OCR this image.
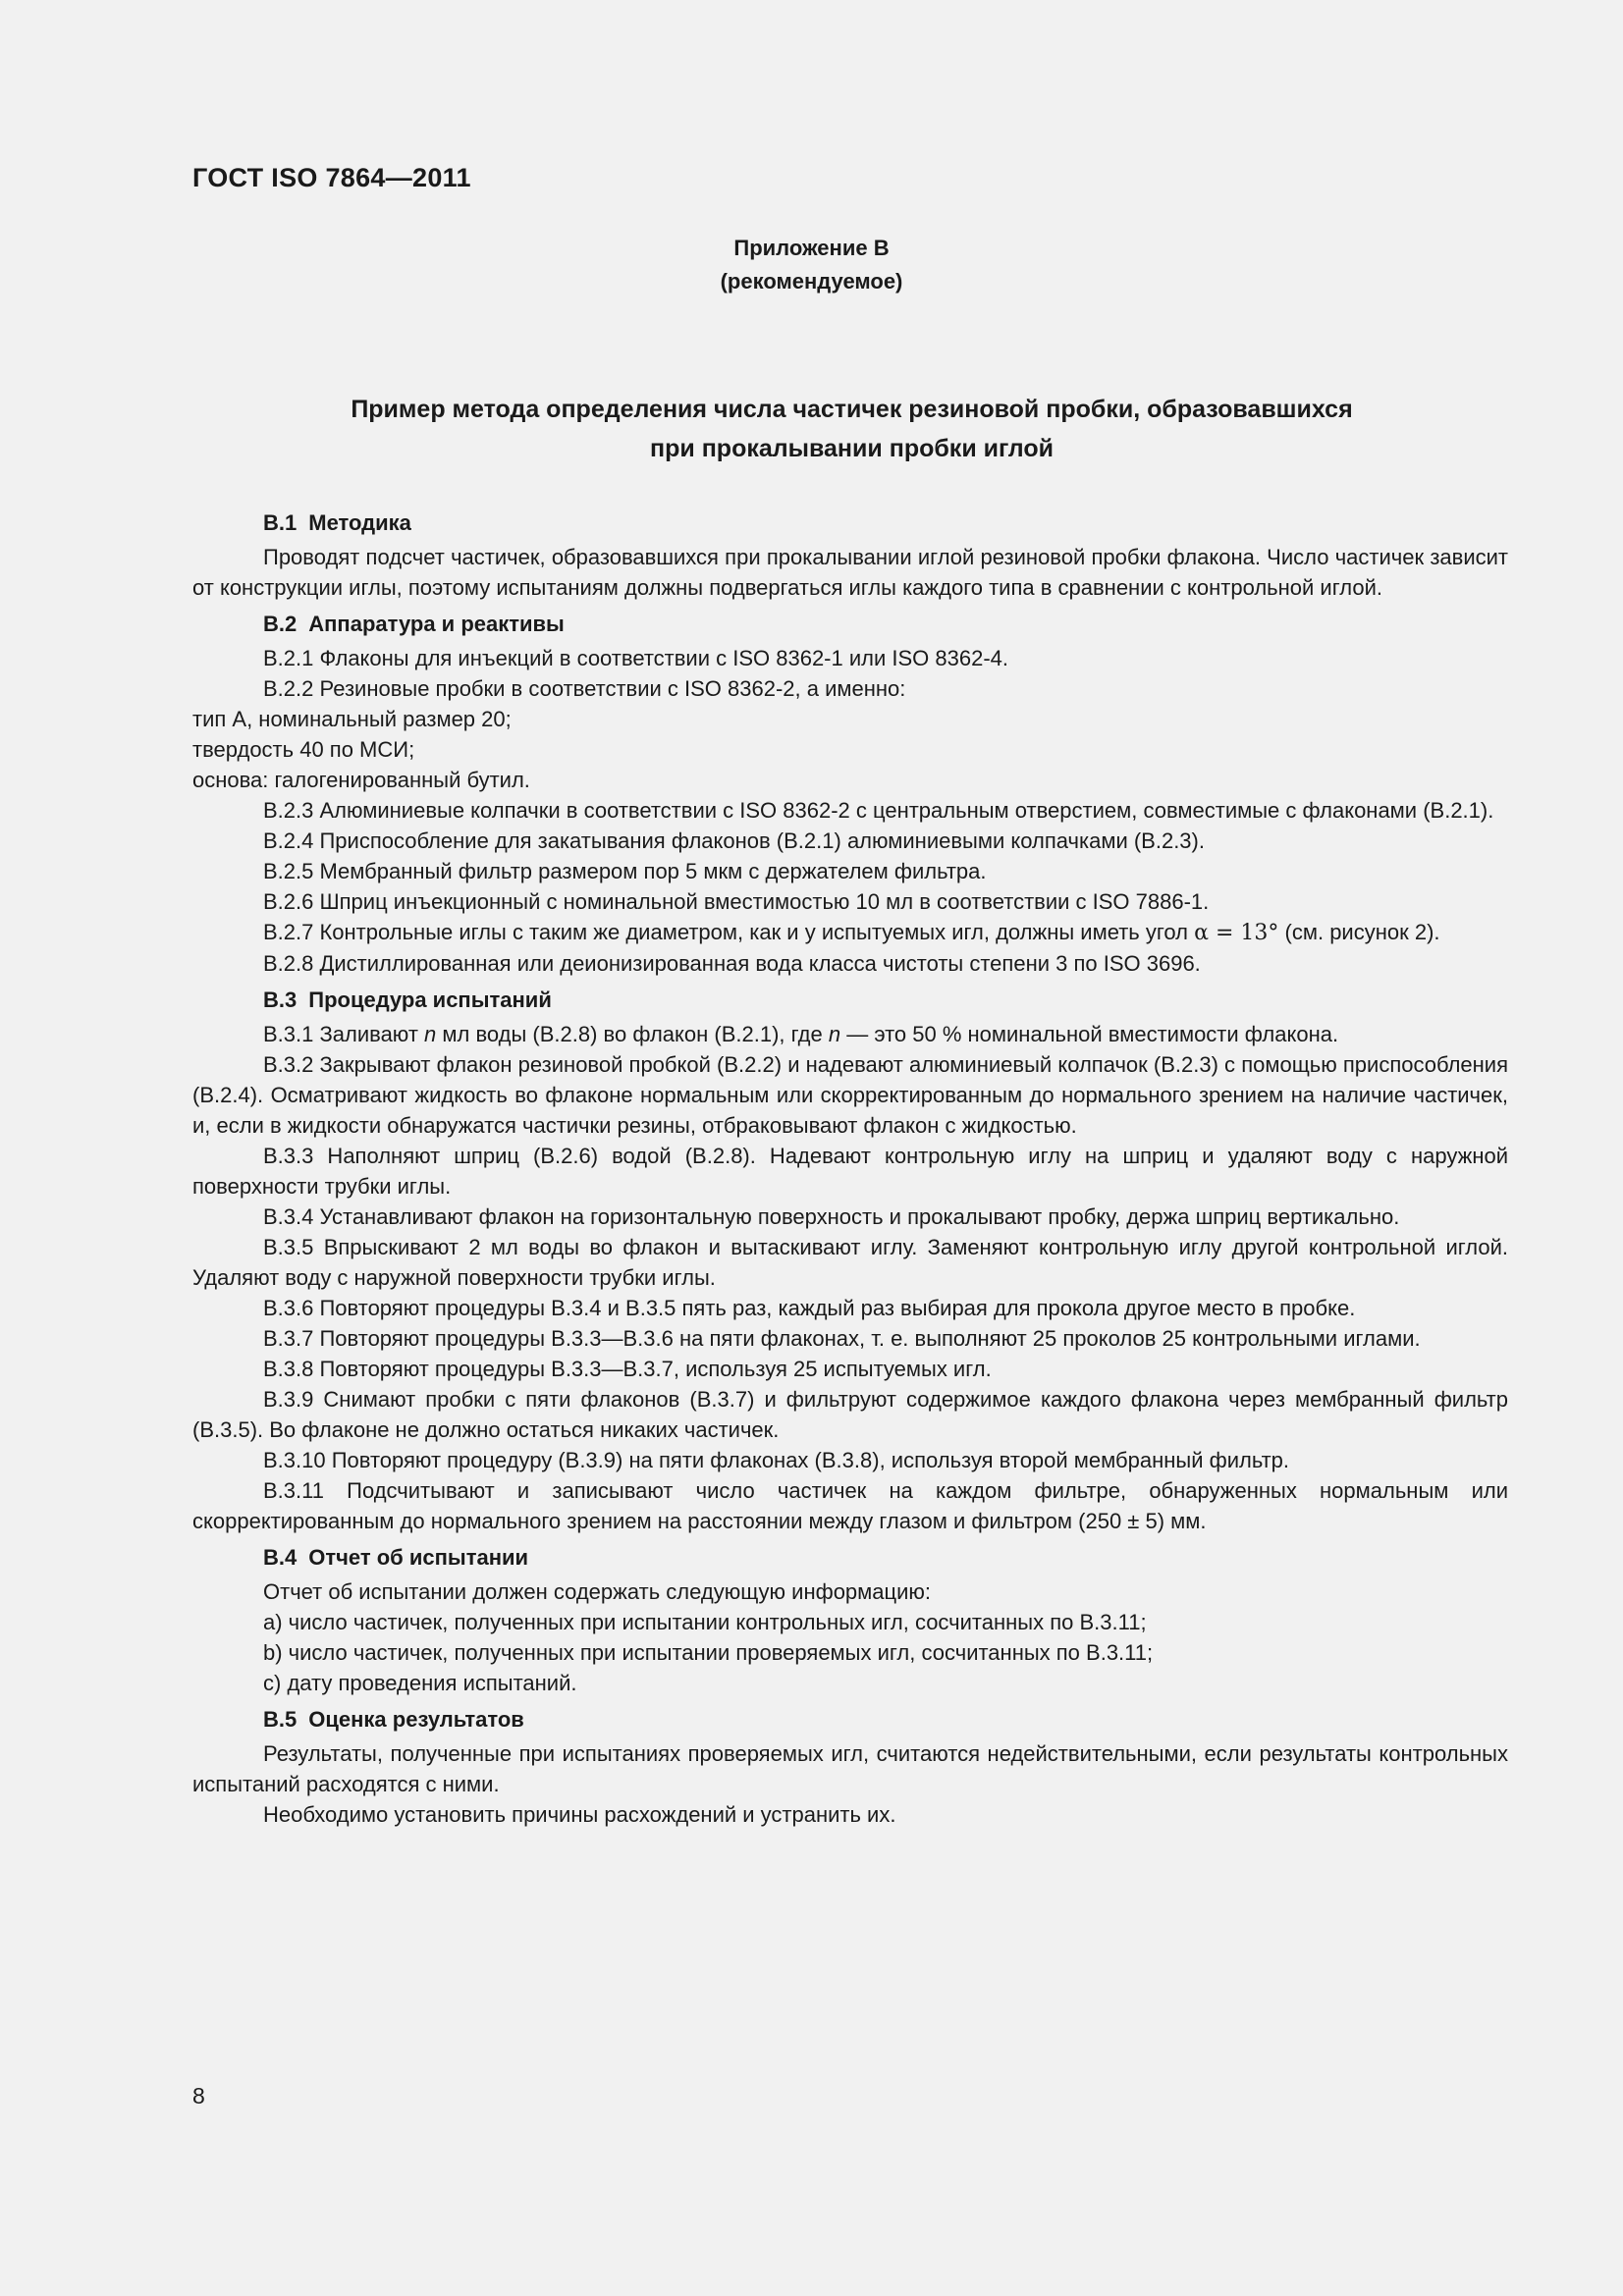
ГОСТ ISO 7864—2011
Приложение В
(рекомендуемое)
Пример метода определения числа частичек резиновой пробки, образовавшихся
при прокалывании пробки иглой

В.1 Методика

Проводят подсчет частичек, образовавшихся при прокалывании иглой резиновой пробки флакона. Число частичек зависит от конструкции иглы, поэтому испытаниям должны подвергаться иглы каждого типа в сравнении с контрольной иглой.

В.2 Аппаратура и реактивы

В.2.1 Флаконы для инъекций в соответствии с ISO 8362-1 или ISO 8362-4.

В.2.2 Резиновые пробки в соответствии с ISO 8362-2, а именно:

тип А, номинальный размер 20;

твердость 40 по МСИ;

основа: галогенированный бутил.

В.2.3 Алюминиевые колпачки в соответствии с ISO 8362-2 с центральным отверстием, совместимые с флаконами (В.2.1).

В.2.4 Приспособление для закатывания флаконов (В.2.1) алюминиевыми колпачками (В.2.3).

В.2.5 Мембранный фильтр размером пор 5 мкм с держателем фильтра.

В.2.6 Шприц инъекционный с номинальной вместимостью 10 мл в соответствии с ISO 7886-1.

В.2.7 Контрольные иглы с таким же диаметром, как и у испытуемых игл, должны иметь угол α = 13° (см. рисунок 2).

В.2.8 Дистиллированная или деионизированная вода класса чистоты степени 3 по ISO 3696.

В.3 Процедура испытаний

В.3.1 Заливают n мл воды (В.2.8) во флакон (В.2.1), где n — это 50 % номинальной вместимости флакона.

В.3.2 Закрывают флакон резиновой пробкой (В.2.2) и надевают алюминиевый колпачок (В.2.3) с помощью приспособления (В.2.4). Осматривают жидкость во флаконе нормальным или скорректированным до нормального зрением на наличие частичек, и, если в жидкости обнаружатся частички резины, отбраковывают флакон с жидкостью.

В.3.3 Наполняют шприц (В.2.6) водой (В.2.8). Надевают контрольную иглу на шприц и удаляют воду с наружной поверхности трубки иглы.

В.3.4 Устанавливают флакон на горизонтальную поверхность и прокалывают пробку, держа шприц вертикально.

В.3.5 Впрыскивают 2 мл воды во флакон и вытаскивают иглу. Заменяют контрольную иглу другой контрольной иглой. Удаляют воду с наружной поверхности трубки иглы.

В.3.6 Повторяют процедуры В.3.4 и В.3.5 пять раз, каждый раз выбирая для прокола другое место в пробке.

В.3.7 Повторяют процедуры В.3.3—В.3.6 на пяти флаконах, т. е. выполняют 25 проколов 25 контрольными иглами.

В.3.8 Повторяют процедуры В.3.3—В.3.7, используя 25 испытуемых игл.

В.3.9 Снимают пробки с пяти флаконов (В.3.7) и фильтруют содержимое каждого флакона через мембранный фильтр (В.3.5). Во флаконе не должно остаться никаких частичек.

В.3.10 Повторяют процедуру (В.3.9) на пяти флаконах (В.3.8), используя второй мембранный фильтр.

В.3.11 Подсчитывают и записывают число частичек на каждом фильтре, обнаруженных нормальным или скорректированным до нормального зрением на расстоянии между глазом и фильтром (250 ± 5) мм.

В.4 Отчет об испытании

Отчет об испытании должен содержать следующую информацию:

a) число частичек, полученных при испытании контрольных игл, сосчитанных по В.3.11;

b) число частичек, полученных при испытании проверяемых игл, сосчитанных по В.3.11;

c) дату проведения испытаний.

В.5 Оценка результатов

Результаты, полученные при испытаниях проверяемых игл, считаются недействительными, если результаты контрольных испытаний расходятся с ними.

Необходимо установить причины расхождений и устранить их.

8
